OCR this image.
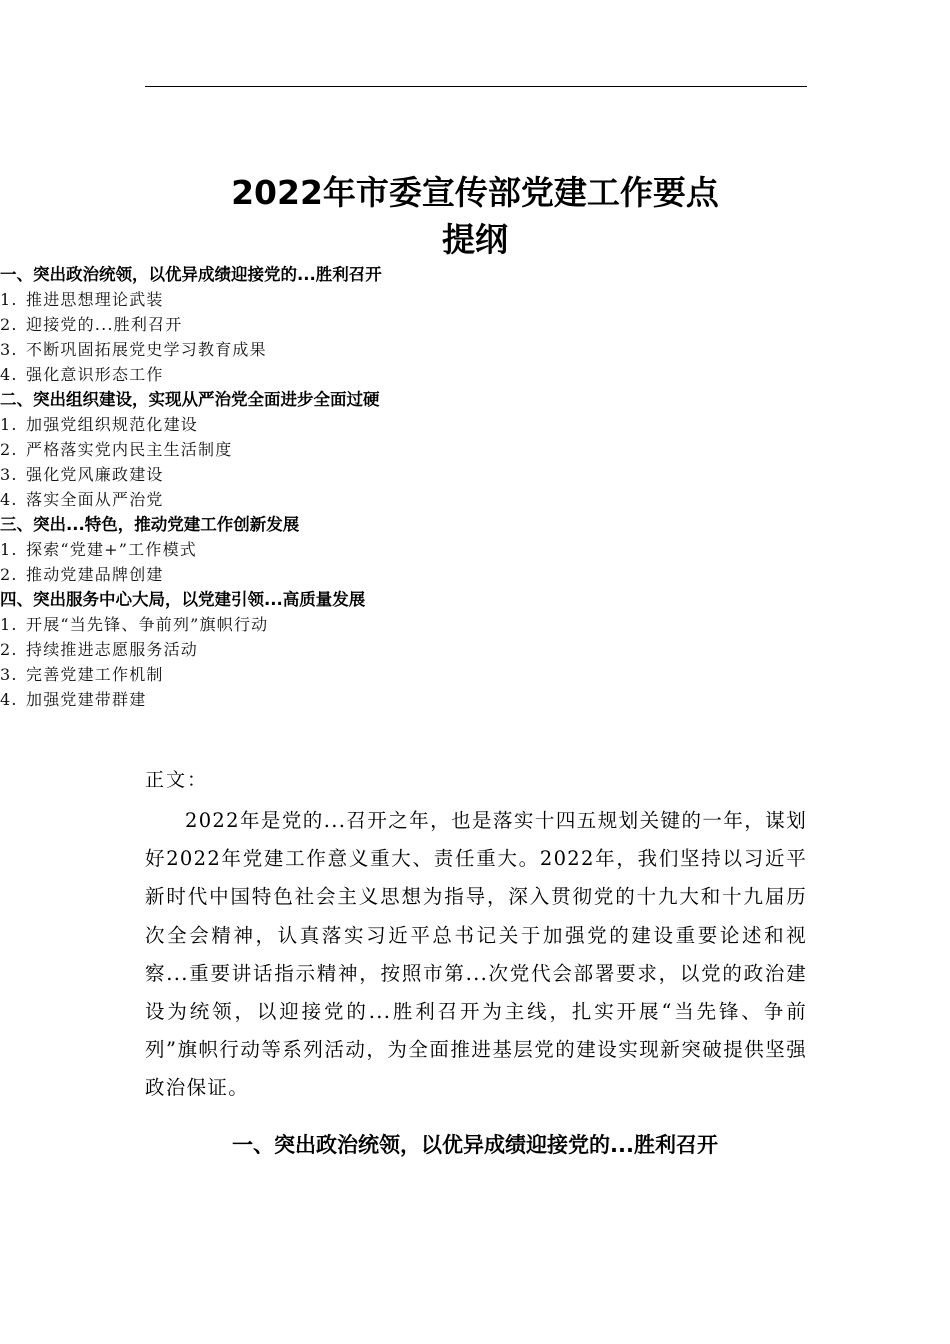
2022年市委宣传部党建工作要点
提纲
一、突出政治统领，以优异成绩迎接党的...胜利召开
1. 推进思想理论武装
2. 迎接党的...胜利召开
3. 不断巩固拓展党史学习教育成果
4. 强化意识形态工作
二、突出组织建设，实现从严治党全面进步全面过硬
1. 加强党组织规范化建设
2. 严格落实党内民主生活制度
3. 强化党风廉政建设
4. 落实全面从严治党
三、突出...特色，推动党建工作创新发展
1. 探索“党建+”工作模式
2. 推动党建品牌创建
四、突出服务中心大局，以党建引领...高质量发展
1. 开展“当先锋、争前列”旗帜行动
2. 持续推进志愿服务活动
3. 完善党建工作机制
4. 加强党建带群建
正文：

2022年是党的...召开之年，也是落实十四五规划关键的一年，谋划好2022年党建工作意义重大、责任重大。2022年，我们坚持以习近平新时代中国特色社会主义思想为指导，深入贯彻党的十九大和十九届历次全会精神，认真落实习近平总书记关于加强党的建设重要论述和视察...重要讲话指示精神，按照市第...次党代会部署要求，以党的政治建设为统领，以迎接党的...胜利召开为主线，扎实开展“当先锋、争前列”旗帜行动等系列活动，为全面推进基层党的建设实现新突破提供坚强政治保证。

一、突出政治统领，以优异成绩迎接党的...胜利召开
